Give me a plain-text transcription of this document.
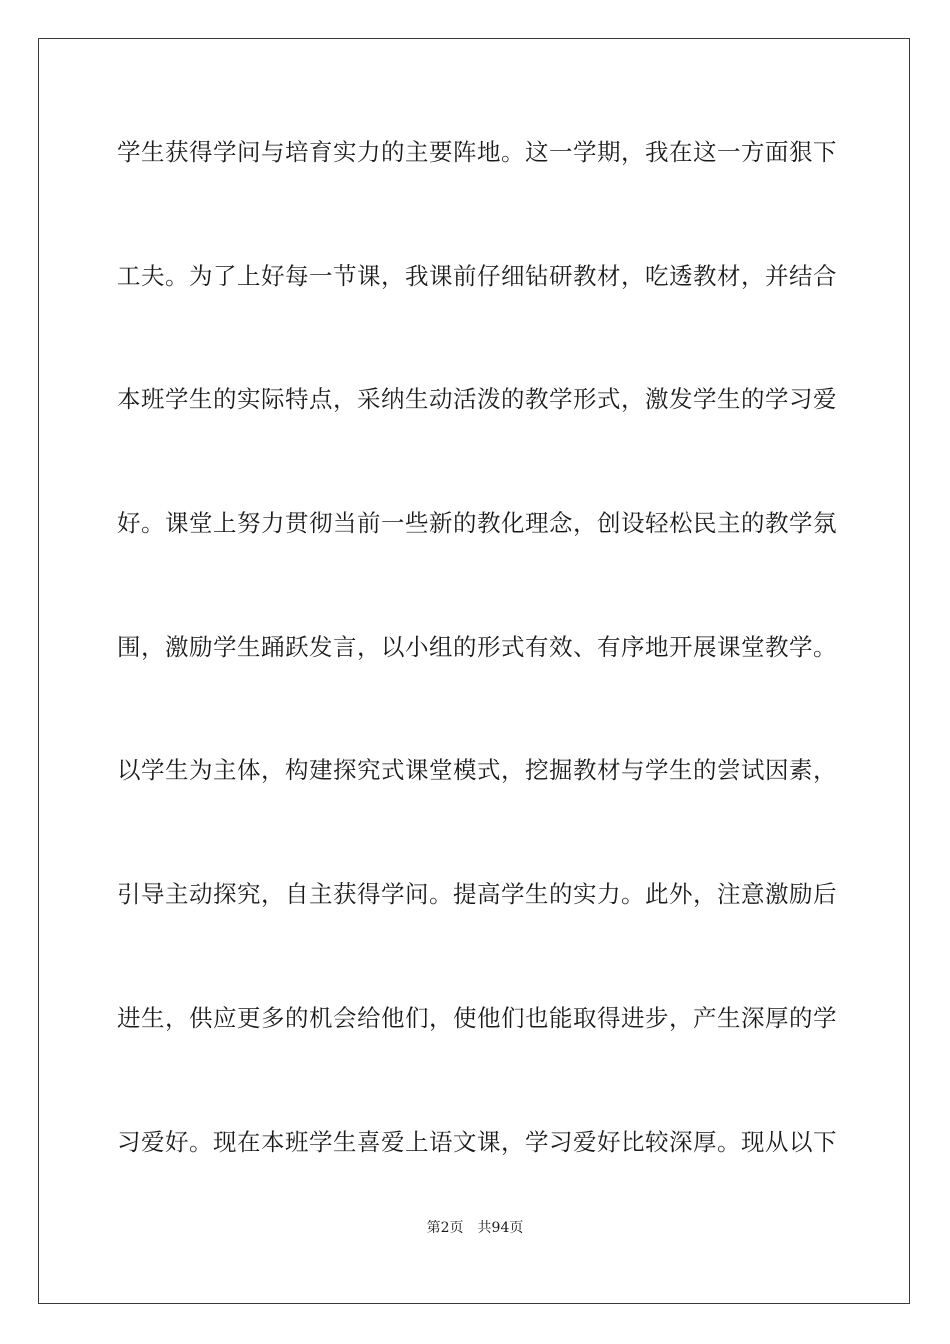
学生获得学问与培育实力的主要阵地。这一学期，我在这一方面狠下
工夫。为了上好每一节课，我课前仔细钻研教材，吃透教材，并结合
本班学生的实际特点，采纳生动活泼的教学形式，激发学生的学习爱
好。课堂上努力贯彻当前一些新的教化理念，创设轻松民主的教学氛
围，激励学生踊跃发言，以小组的形式有效、有序地开展课堂教学。
以学生为主体，构建探究式课堂模式，挖掘教材与学生的尝试因素，
引导主动探究，自主获得学问。提高学生的实力。此外，注意激励后
进生，供应更多的机会给他们，使他们也能取得进步，产生深厚的学
习爱好。现在本班学生喜爱上语文课，学习爱好比较深厚。现从以下
第2页 共94页
